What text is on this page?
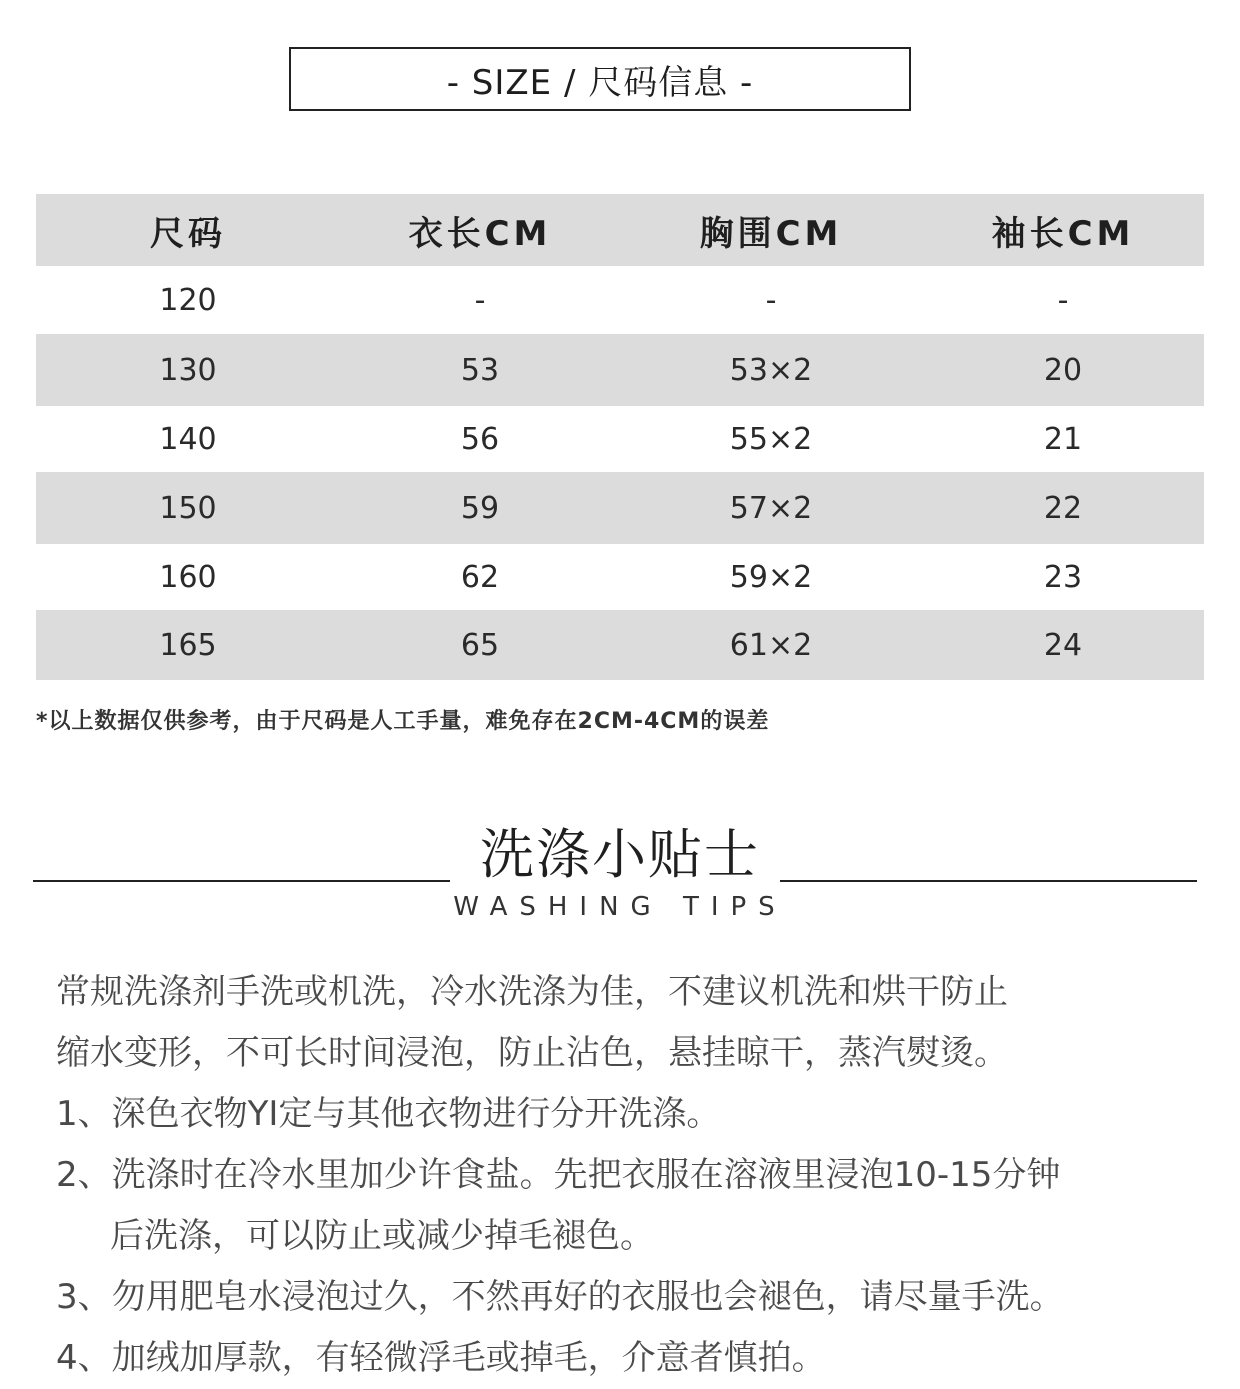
- SIZE / 尺码信息 -
尺码	衣长CM	胸围CM	袖长CM
120	-	-	-
130	53	53×2	20
140	56	55×2	21
150	59	57×2	22
160	62	59×2	23
165	65	61×2	24
*以上数据仅供参考，由于尺码是人工手量，难免存在2CM-4CM的误差
洗涤小贴士
WASHING TIPS
常规洗涤剂手洗或机洗，冷水洗涤为佳，不建议机洗和烘干防止
缩水变形，不可长时间浸泡，防止沾色，悬挂晾干，蒸汽熨烫。
1、深色衣物YI定与其他衣物进行分开洗涤。
2、洗涤时在冷水里加少许食盐。先把衣服在溶液里浸泡10-15分钟
后洗涤，可以防止或减少掉毛褪色。
3、勿用肥皂水浸泡过久，不然再好的衣服也会褪色，请尽量手洗。
4、加绒加厚款，有轻微浮毛或掉毛，介意者慎拍。
